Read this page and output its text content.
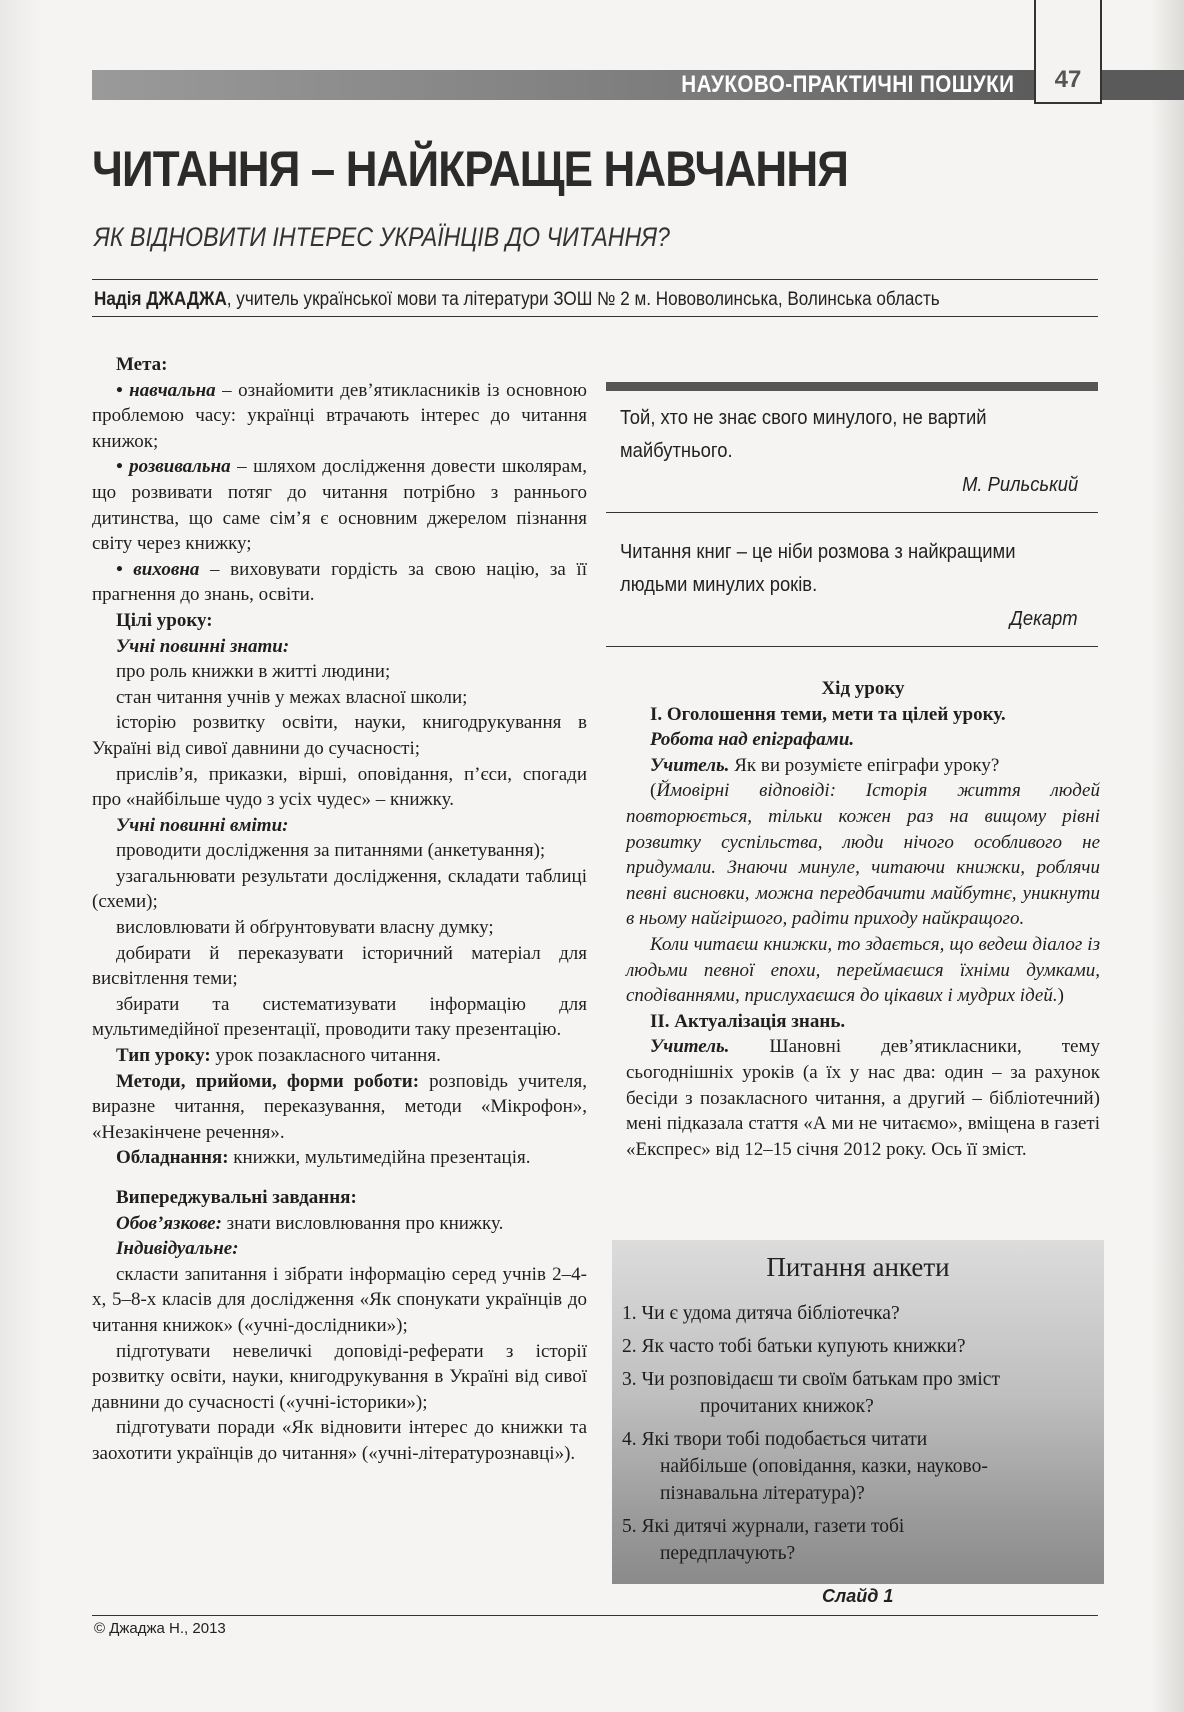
НАУКОВО-ПРАКТИЧНІ ПОШУКИ	47
ЧИТАННЯ – НАЙКРАЩЕ НАВЧАННЯ
ЯК ВІДНОВИТИ ІНТЕРЕС УКРАЇНЦІВ ДО ЧИТАННЯ?
Надія ДЖАДЖА, учитель української мови та літератури ЗОШ № 2 м. Нововолинська, Волинська область

Мета:

• навчальна – ознайомити дев’ятикласників із основною проблемою часу: українці втрачають інтерес до читання книжок;

• розвивальна – шляхом дослідження довести школярам, що розвивати потяг до читання потрібно з раннього дитинства, що саме сім’я є основним джерелом пізнання світу через книжку;

• виховна – виховувати гордість за свою націю, за її прагнення до знань, освіти.

Цілі уроку:

Учні повинні знати:

про роль книжки в житті людини;

стан читання учнів у межах власної школи;

історію розвитку освіти, науки, книгодрукування в Україні від сивої давнини до сучасності;

прислів’я, приказки, вірші, оповідання, п’єси, спогади про «найбільше чудо з усіх чудес» – книжку.

Учні повинні вміти:

проводити дослідження за питаннями (анкетування);

узагальнювати результати дослідження, складати таблиці (схеми);

висловлювати й обґрунтовувати власну думку;

добирати й переказувати історичний матеріал для висвітлення теми;

збирати та систематизувати інформацію для мультимедійної презентації, проводити таку презентацію.

Тип уроку: урок позакласного читання.

Методи, прийоми, форми роботи: розповідь учителя, виразне читання, переказування, методи «Мікрофон», «Незакінчене речення».

Обладнання: книжки, мультимедійна презентація.

Випереджувальні завдання:

Обов’язкове: знати висловлювання про книжку.

Індивідуальне:

скласти запитання і зібрати інформацію серед учнів 2–4-х, 5–8-х класів для дослідження «Як спонукати українців до читання книжок» («учні-дослідники»);

підготувати невеличкі доповіді-реферати з історії розвитку освіти, науки, книгодрукування в Україні від сивої давнини до сучасності («учні-історики»);

підготувати поради «Як відновити інтерес до книжки та заохотити українців до читання» («учні-літературознавці»).

Той, хто не знає свого минулого, не вартий майбутнього.
М. Рильський
Читання книг – це ніби розмова з найкращими людьми минулих років.
Декарт

Хід уроку

І. Оголошення теми, мети та цілей уроку.

Робота над епіграфами.

Учитель. Як ви розумієте епіграфи уроку?

(Ймовірні відповіді: Історія життя людей повторюється, тільки кожен раз на вищому рівні розвитку суспільства, люди нічого особливого не придумали. Знаючи минуле, читаючи книжки, роблячи певні висновки, можна передбачити майбутнє, уникнути в ньому найгіршого, радіти приходу найкращого.

Коли читаєш книжки, то здається, що ведеш діалог із людьми певної епохи, переймаєшся їхніми думками, сподіваннями, прислухаєшся до цікавих і мудрих ідей.)

ІІ. Актуалізація знань.

Учитель. Шановні дев’ятикласники, тему сьогоднішніх уроків (а їх у нас два: один – за рахунок бесіди з позакласного читання, а другий – бібліотечний) мені підказала стаття «А ми не читаємо», вміщена в газеті «Експрес» від 12–15 січня 2012 року. Ось її зміст.

Питання анкети
1. Чи є удома дитяча бібліотечка?
2. Як часто тобі батьки купують книжки?
3. Чи розповідаєш ти своїм батькам про зміст
прочитаних книжок?
4. Які твори тобі подобається читати
найбільше (оповідання, казки, науково-пізнавальна література)?
5. Які дитячі журнали, газети тобі
передплачують?
Слайд 1
© Джаджа Н., 2013
